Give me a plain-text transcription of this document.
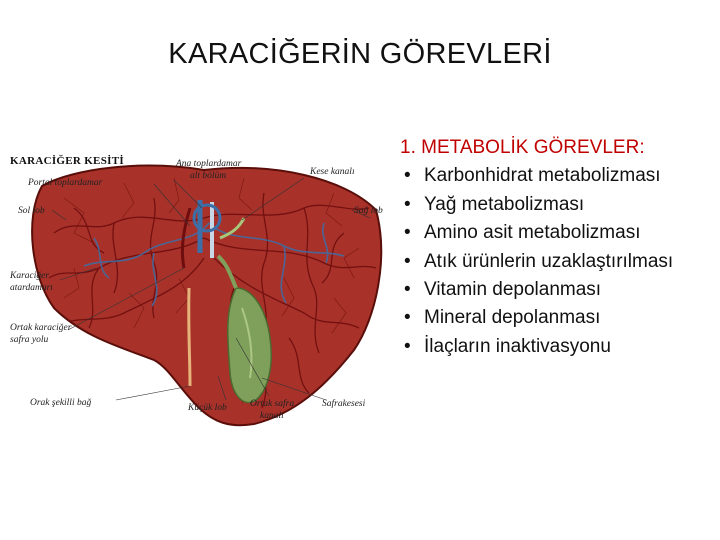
KARACİĞERİN GÖREVLERİ
KARACİĞER KESİTİ	Ana toplardamar
alt bölüm
Portal toplardamar
Kese kanalı
Sol lob	Sağ lob
Karaciğer
atardamarı
Ortak karaciğer
safra yolu
Orak şekilli bağ	Küçük lob Ortak safra
kanalı
Safrakesesi
1. METABOLİK GÖREVLER:
• Karbonhidrat metabolizması
• Yağ metabolizması
• Amino asit metabolizması
• Atık ürünlerin uzaklaştırılması
• Vitamin depolanması
• Mineral depolanması
• İlaçların inaktivasyonu
